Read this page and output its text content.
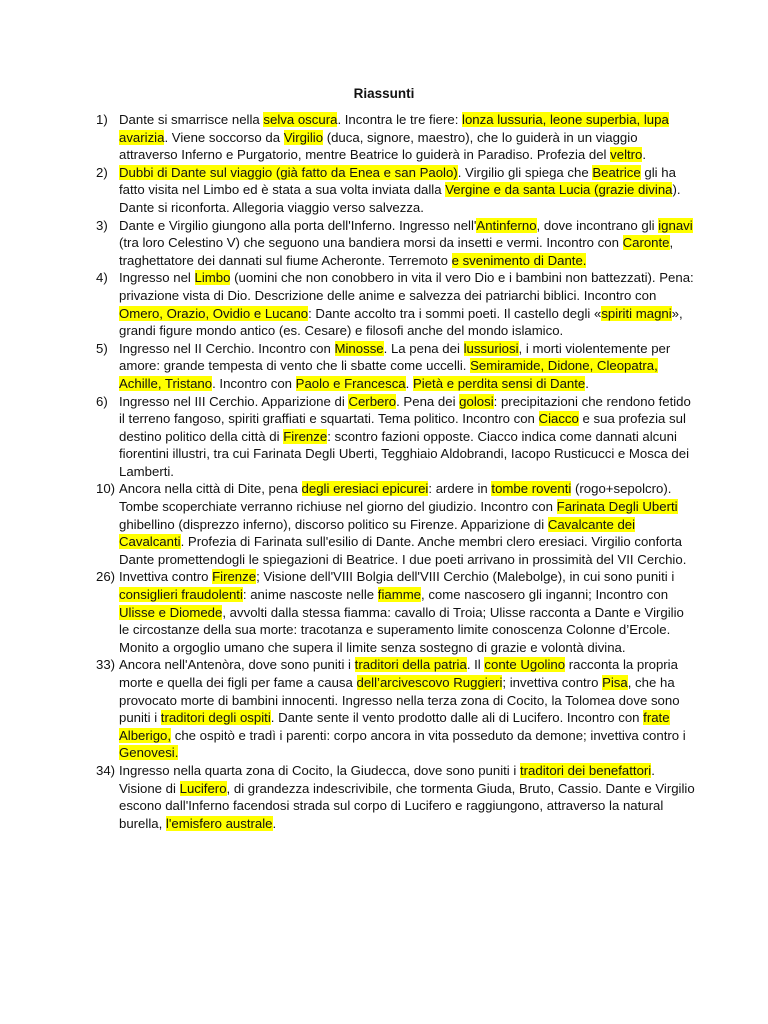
Riassunti
1) Dante si smarrisce nella selva oscura. Incontra le tre fiere: lonza lussuria, leone superbia, lupa avarizia. Viene soccorso da Virgilio (duca, signore, maestro), che lo guiderà in un viaggio attraverso Inferno e Purgatorio, mentre Beatrice lo guiderà in Paradiso. Profezia del veltro.
2) Dubbi di Dante sul viaggio (già fatto da Enea e san Paolo). Virgilio gli spiega che Beatrice gli ha fatto visita nel Limbo ed è stata a sua volta inviata dalla Vergine e da santa Lucia (grazie divina). Dante si riconforta. Allegoria viaggio verso salvezza.
3) Dante e Virgilio giungono alla porta dell'Inferno. Ingresso nell'Antinferno, dove incontrano gli ignavi (tra loro Celestino V) che seguono una bandiera morsi da insetti e vermi. Incontro con Caronte, traghettatore dei dannati sul fiume Acheronte. Terremoto e svenimento di Dante.
4) Ingresso nel Limbo (uomini che non conobbero in vita il vero Dio e i bambini non battezzati). Pena: privazione vista di Dio. Descrizione delle anime e salvezza dei patriarchi biblici. Incontro con Omero, Orazio, Ovidio e Lucano: Dante accolto tra i sommi poeti. Il castello degli «spiriti magni», grandi figure mondo antico (es. Cesare) e filosofi anche del mondo islamico.
5) Ingresso nel II Cerchio. Incontro con Minosse. La pena dei lussuriosi, i morti violentemente per amore: grande tempesta di vento che li sbatte come uccelli. Semiramide, Didone, Cleopatra, Achille, Tristano. Incontro con Paolo e Francesca. Pietà e perdita sensi di Dante.
6) Ingresso nel III Cerchio. Apparizione di Cerbero. Pena dei golosi: precipitazioni che rendono fetido il terreno fangoso, spiriti graffiati e squartati. Tema politico. Incontro con Ciacco e sua profezia sul destino politico della città di Firenze: scontro fazioni opposte. Ciacco indica come dannati alcuni fiorentini illustri, tra cui Farinata Degli Uberti, Tegghiaio Aldobrandi, Iacopo Rusticucci e Mosca dei Lamberti.
10) Ancora nella città di Dite, pena degli eresiaci epicurei: ardere in tombe roventi (rogo+sepolcro). Tombe scoperchiate verranno richiuse nel giorno del giudizio. Incontro con Farinata Degli Uberti ghibellino (disprezzo inferno), discorso politico su Firenze. Apparizione di Cavalcante dei Cavalcanti. Profezia di Farinata sull'esilio di Dante. Anche membri clero eresiaci. Virgilio conforta Dante promettendogli le spiegazioni di Beatrice. I due poeti arrivano in prossimità del VII Cerchio.
26) Invettiva contro Firenze; Visione dell'VIII Bolgia dell'VIII Cerchio (Malebolge), in cui sono puniti i consiglieri fraudolenti: anime nascoste nelle fiamme, come nascosero gli inganni; Incontro con Ulisse e Diomede, avvolti dalla stessa fiamma: cavallo di Troia; Ulisse racconta a Dante e Virgilio le circostanze della sua morte: tracotanza e superamento limite conoscenza Colonne d’Ercole. Monito a orgoglio umano che supera il limite senza sostegno di grazie e volontà divina.
33) Ancora nell'Antenòra, dove sono puniti i traditori della patria. Il conte Ugolino racconta la propria morte e quella dei figli per fame a causa dell’arcivescovo Ruggieri; invettiva contro Pisa, che ha provocato morte di bambini innocenti. Ingresso nella terza zona di Cocito, la Tolomea dove sono puniti i traditori degli ospiti. Dante sente il vento prodotto dalle ali di Lucifero. Incontro con frate Alberigo, che ospitò e tradì i parenti: corpo ancora in vita posseduto da demone; invettiva contro i Genovesi.
34) Ingresso nella quarta zona di Cocito, la Giudecca, dove sono puniti i traditori dei benefattori. Visione di Lucifero, di grandezza indescrivibile, che tormenta Giuda, Bruto, Cassio. Dante e Virgilio escono dall'Inferno facendosi strada sul corpo di Lucifero e raggiungono, attraverso la natural burella, l'emisfero australe.
